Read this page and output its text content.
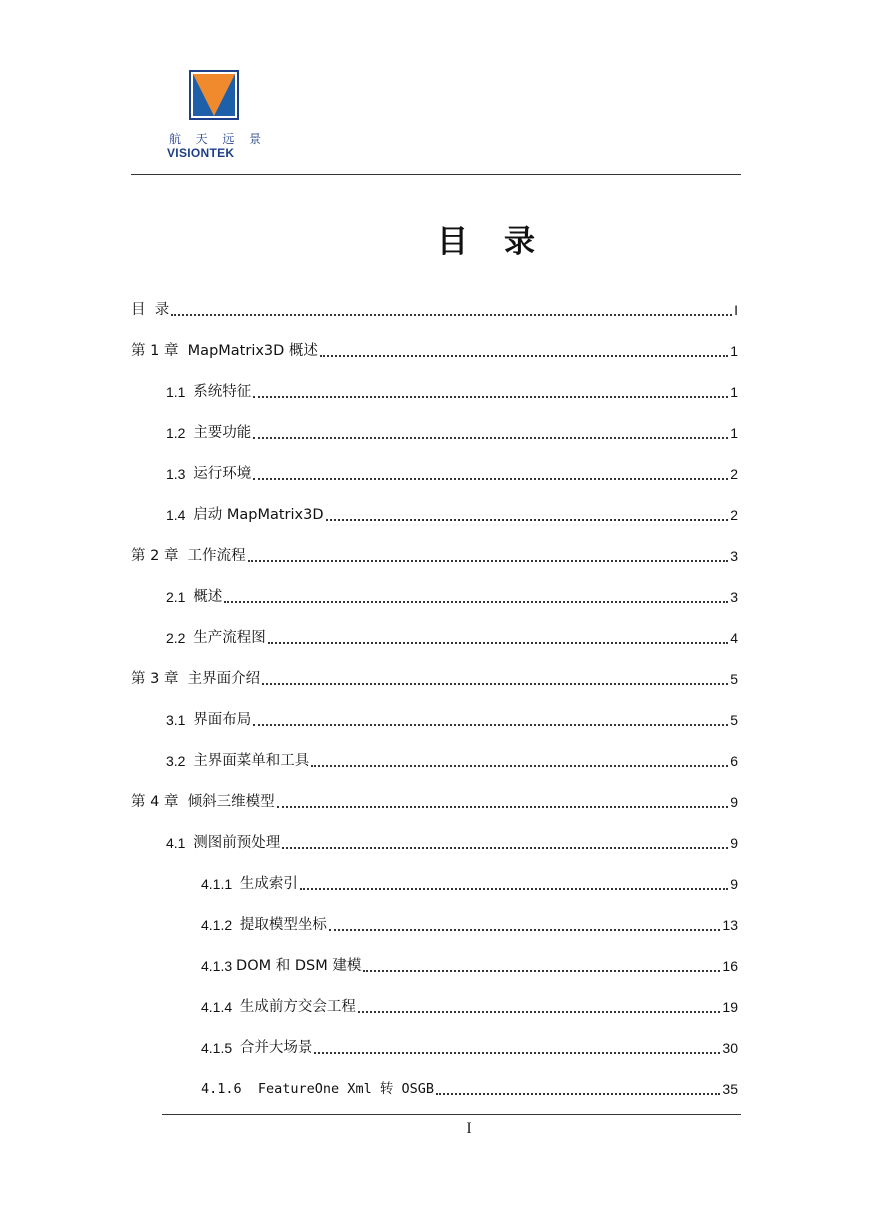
航 天 远 景
VISIONTEK
目 录
目  录	I
第 1 章 MapMatrix3D 概述	1
1.1 系统特征	1
1.2 主要功能	1
1.3 运行环境	2
1.4 启动 MapMatrix3D	2
第 2 章 工作流程	3
2.1 概述	3
2.2 生产流程图	4
第 3 章 主界面介绍	5
3.1 界面布局	5
3.2 主界面菜单和工具	6
第 4 章 倾斜三维模型	9
4.1 测图前预处理	9
4.1.1 生成索引	9
4.1.2 提取模型坐标	13
4.1.3 DOM 和 DSM 建模	16
4.1.4 生成前方交会工程	19
4.1.5 合并大场景	30
4.1.6 FeatureOne Xml 转 OSGB	35
I
